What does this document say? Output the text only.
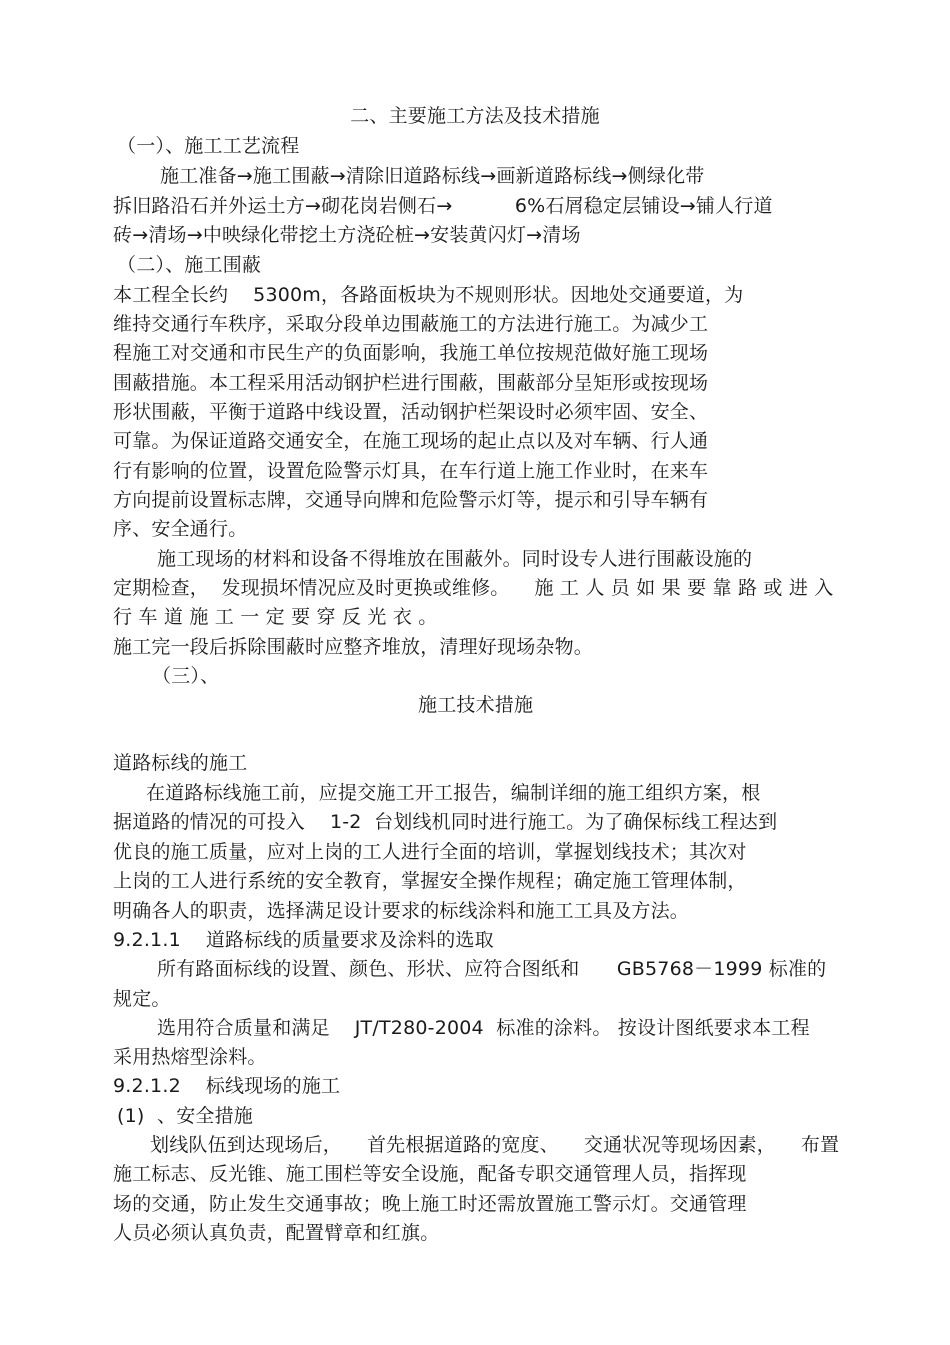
二、主要施工方法及技术措施
（一）、施工工艺流程
施工准备→施工围蔽→清除旧道路标线→画新道路标线→侧绿化带
拆旧路沿石并外运土方→砌花岗岩侧石→          6%石屑稳定层铺设→铺人行道
砖→清场→中映绿化带挖土方浇砼桩→安装黄闪灯→清场
（二）、施工围蔽
本工程全长约    5300m，各路面板块为不规则形状。因地处交通要道，为
维持交通行车秩序，采取分段单边围蔽施工的方法进行施工。为减少工
程施工对交通和市民生产的负面影响，我施工单位按规范做好施工现场
围蔽措施。本工程采用活动钢护栏进行围蔽，围蔽部分呈矩形或按现场
形状围蔽，平衡于道路中线设置，活动钢护栏架设时必须牢固、安全、
可靠。为保证道路交通安全，在施工现场的起止点以及对车辆、行人通
行有影响的位置，设置危险警示灯具，在车行道上施工作业时，在来车
方向提前设置标志牌，交通导向牌和危险警示灯等，提示和引导车辆有
序、安全通行。
施工现场的材料和设备不得堆放在围蔽外。同时设专人进行围蔽设施的
定期检查，  发现损坏情况应及时更换或维修。    施 工 人 员 如 果 要 靠 路 或 进 入
行 车 道 施 工 一 定 要 穿 反 光 衣 。
施工完一段后拆除围蔽时应整齐堆放，清理好现场杂物。
（三）、
施工技术措施
道路标线的施工
在道路标线施工前，应提交施工开工报告，编制详细的施工组织方案，根
据道路的情况的可投入    1-2  台划线机同时进行施工。为了确保标线工程达到
优良的施工质量，应对上岗的工人进行全面的培训，掌握划线技术；其次对
上岗的工人进行系统的安全教育，掌握安全操作规程；确定施工管理体制，
明确各人的职责，选择满足设计要求的标线涂料和施工工具及方法。
9.2.1.1    道路标线的质量要求及涂料的选取
所有路面标线的设置、颜色、形状、应符合图纸和      GB5768－1999 标准的
规定。
选用符合质量和满足    JT/T280-2004  标准的涂料。 按设计图纸要求本工程
采用热熔型涂料。
9.2.1.2    标线现场的施工
(1)  、安全措施
划线队伍到达现场后，    首先根据道路的宽度、    交通状况等现场因素，    布置
施工标志、反光锥、施工围栏等安全设施，配备专职交通管理人员，指挥现
场的交通，防止发生交通事故；晚上施工时还需放置施工警示灯。交通管理
人员必须认真负责，配置臂章和红旗。
